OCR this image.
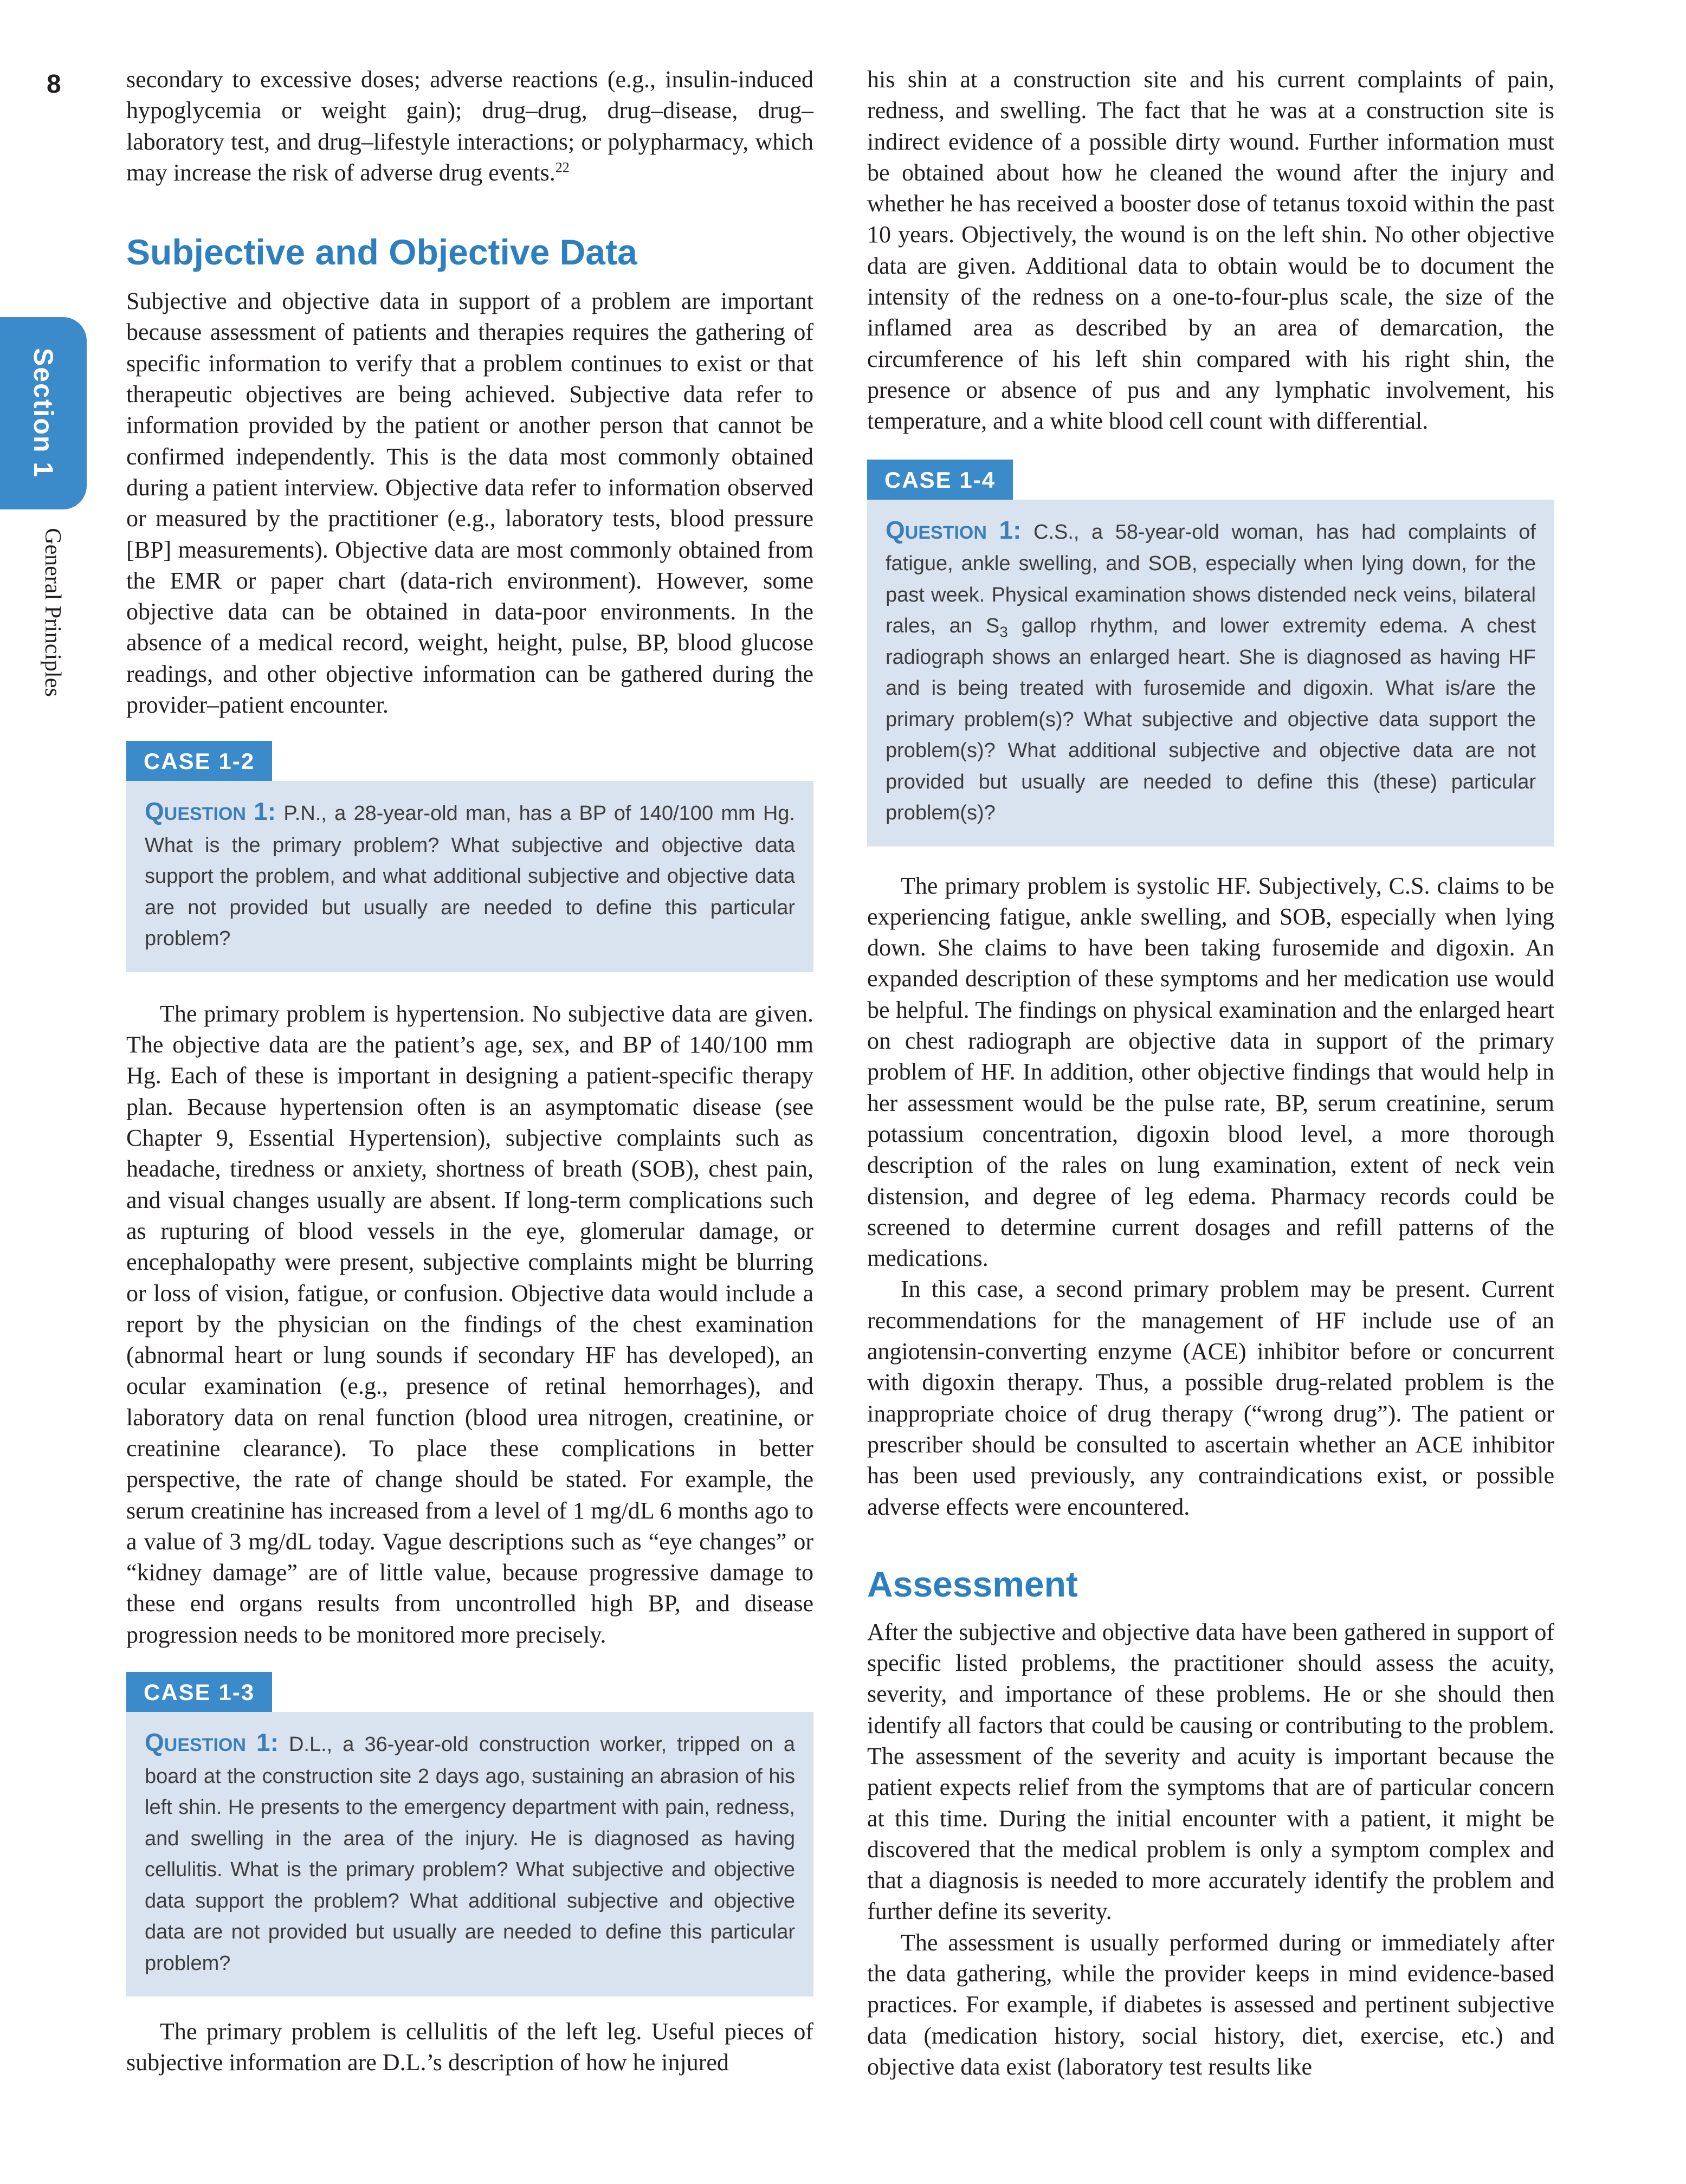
8
Section 1
General Principles

secondary to excessive doses; adverse reactions (e.g., insulin-induced hypoglycemia or weight gain); drug–drug, drug–disease, drug–laboratory test, and drug–lifestyle interactions; or polypharmacy, which may increase the risk of adverse drug events.$^{22}$

Subjective and Objective Data

Subjective and objective data in support of a problem are important because assessment of patients and therapies requires the gathering of specific information to verify that a problem continues to exist or that therapeutic objectives are being achieved. Subjective data refer to information provided by the patient or another person that cannot be confirmed independently. This is the data most commonly obtained during a patient interview. Objective data refer to information observed or measured by the practitioner (e.g., laboratory tests, blood pressure [BP] measurements). Objective data are most commonly obtained from the EMR or paper chart (data-rich environment). However, some objective data can be obtained in data-poor environments. In the absence of a medical record, weight, height, pulse, BP, blood glucose readings, and other objective information can be gathered during the provider–patient encounter.

CASE 1-2

QUESTION 1: P.N., a 28-year-old man, has a BP of 140/100 mm Hg. What is the primary problem? What subjective and objective data support the problem, and what additional subjective and objective data are not provided but usually are needed to define this particular problem?

The primary problem is hypertension. No subjective data are given. The objective data are the patient’s age, sex, and BP of 140/100 mm Hg. Each of these is important in designing a patient-specific therapy plan. Because hypertension often is an asymptomatic disease (see Chapter 9, Essential Hypertension), subjective complaints such as headache, tiredness or anxiety, shortness of breath (SOB), chest pain, and visual changes usually are absent. If long-term complications such as rupturing of blood vessels in the eye, glomerular damage, or encephalopathy were present, subjective complaints might be blurring or loss of vision, fatigue, or confusion. Objective data would include a report by the physician on the findings of the chest examination (abnormal heart or lung sounds if secondary HF has developed), an ocular examination (e.g., presence of retinal hemorrhages), and laboratory data on renal function (blood urea nitrogen, creatinine, or creatinine clearance). To place these complications in better perspective, the rate of change should be stated. For example, the serum creatinine has increased from a level of 1 mg/dL 6 months ago to a value of 3 mg/dL today. Vague descriptions such as “eye changes” or “kidney damage” are of little value, because progressive damage to these end organs results from uncontrolled high BP, and disease progression needs to be monitored more precisely.

CASE 1-3

QUESTION 1: D.L., a 36-year-old construction worker, tripped on a board at the construction site 2 days ago, sustaining an abrasion of his left shin. He presents to the emergency department with pain, redness, and swelling in the area of the injury. He is diagnosed as having cellulitis. What is the primary problem? What subjective and objective data support the problem? What additional subjective and objective data are not provided but usually are needed to define this particular problem?

The primary problem is cellulitis of the left leg. Useful pieces of subjective information are D.L.’s description of how he injured

his shin at a construction site and his current complaints of pain, redness, and swelling. The fact that he was at a construction site is indirect evidence of a possible dirty wound. Further information must be obtained about how he cleaned the wound after the injury and whether he has received a booster dose of tetanus toxoid within the past 10 years. Objectively, the wound is on the left shin. No other objective data are given. Additional data to obtain would be to document the intensity of the redness on a one-to-four-plus scale, the size of the inflamed area as described by an area of demarcation, the circumference of his left shin compared with his right shin, the presence or absence of pus and any lymphatic involvement, his temperature, and a white blood cell count with differential.

CASE 1-4

QUESTION 1: C.S., a 58-year-old woman, has had complaints of fatigue, ankle swelling, and SOB, especially when lying down, for the past week. Physical examination shows distended neck veins, bilateral rales, an $S_3$ gallop rhythm, and lower extremity edema. A chest radiograph shows an enlarged heart. She is diagnosed as having HF and is being treated with furosemide and digoxin. What is/are the primary problem(s)? What subjective and objective data support the problem(s)? What additional subjective and objective data are not provided but usually are needed to define this (these) particular problem(s)?

The primary problem is systolic HF. Subjectively, C.S. claims to be experiencing fatigue, ankle swelling, and SOB, especially when lying down. She claims to have been taking furosemide and digoxin. An expanded description of these symptoms and her medication use would be helpful. The findings on physical examination and the enlarged heart on chest radiograph are objective data in support of the primary problem of HF. In addition, other objective findings that would help in her assessment would be the pulse rate, BP, serum creatinine, serum potassium concentration, digoxin blood level, a more thorough description of the rales on lung examination, extent of neck vein distension, and degree of leg edema. Pharmacy records could be screened to determine current dosages and refill patterns of the medications.

In this case, a second primary problem may be present. Current recommendations for the management of HF include use of an angiotensin-converting enzyme (ACE) inhibitor before or concurrent with digoxin therapy. Thus, a possible drug-related problem is the inappropriate choice of drug therapy (“wrong drug”). The patient or prescriber should be consulted to ascertain whether an ACE inhibitor has been used previously, any contraindications exist, or possible adverse effects were encountered.

Assessment

After the subjective and objective data have been gathered in support of specific listed problems, the practitioner should assess the acuity, severity, and importance of these problems. He or she should then identify all factors that could be causing or contributing to the problem. The assessment of the severity and acuity is important because the patient expects relief from the symptoms that are of particular concern at this time. During the initial encounter with a patient, it might be discovered that the medical problem is only a symptom complex and that a diagnosis is needed to more accurately identify the problem and further define its severity.

The assessment is usually performed during or immediately after the data gathering, while the provider keeps in mind evidence-based practices. For example, if diabetes is assessed and pertinent subjective data (medication history, social history, diet, exercise, etc.) and objective data exist (laboratory test results like
